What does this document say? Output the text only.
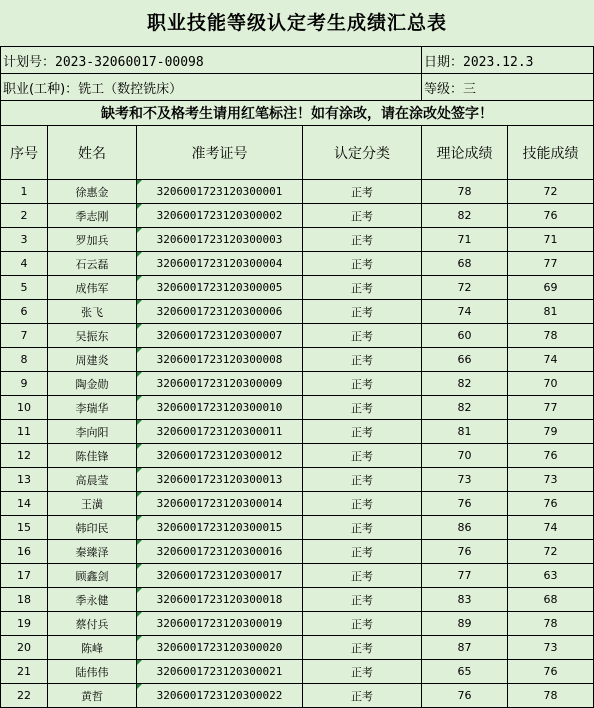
职业技能等级认定考生成绩汇总表
计划号：2023-32060017-00098				日期：2023.12.3	
职业(工种)：铣工（数控铣床）				等级：三	
缺考和不及格考生请用红笔标注！如有涂改，请在涂改处签字！					
序号	姓名	准考证号	认定分类	理论成绩	技能成绩
1	徐惠金	3206001723120300001	正考	78	72
2	季志刚	3206001723120300002	正考	82	76
3	罗加兵	3206001723120300003	正考	71	71
4	石云磊	3206001723120300004	正考	68	77
5	成伟军	3206001723120300005	正考	72	69
6	张飞	3206001723120300006	正考	74	81
7	吴振东	3206001723120300007	正考	60	78
8	周建炎	3206001723120300008	正考	66	74
9	陶金勋	3206001723120300009	正考	82	70
10	李瑞华	3206001723120300010	正考	82	77
11	李向阳	3206001723120300011	正考	81	79
12	陈佳锋	3206001723120300012	正考	70	76
13	高晨莹	3206001723120300013	正考	73	73
14	王潢	3206001723120300014	正考	76	76
15	韩印民	3206001723120300015	正考	86	74
16	秦臻泽	3206001723120300016	正考	76	72
17	顾鑫剑	3206001723120300017	正考	77	63
18	季永健	3206001723120300018	正考	83	68
19	蔡付兵	3206001723120300019	正考	89	78
20	陈峰	3206001723120300020	正考	87	73
21	陆伟伟	3206001723120300021	正考	65	76
22	黄哲	3206001723120300022	正考	76	78
